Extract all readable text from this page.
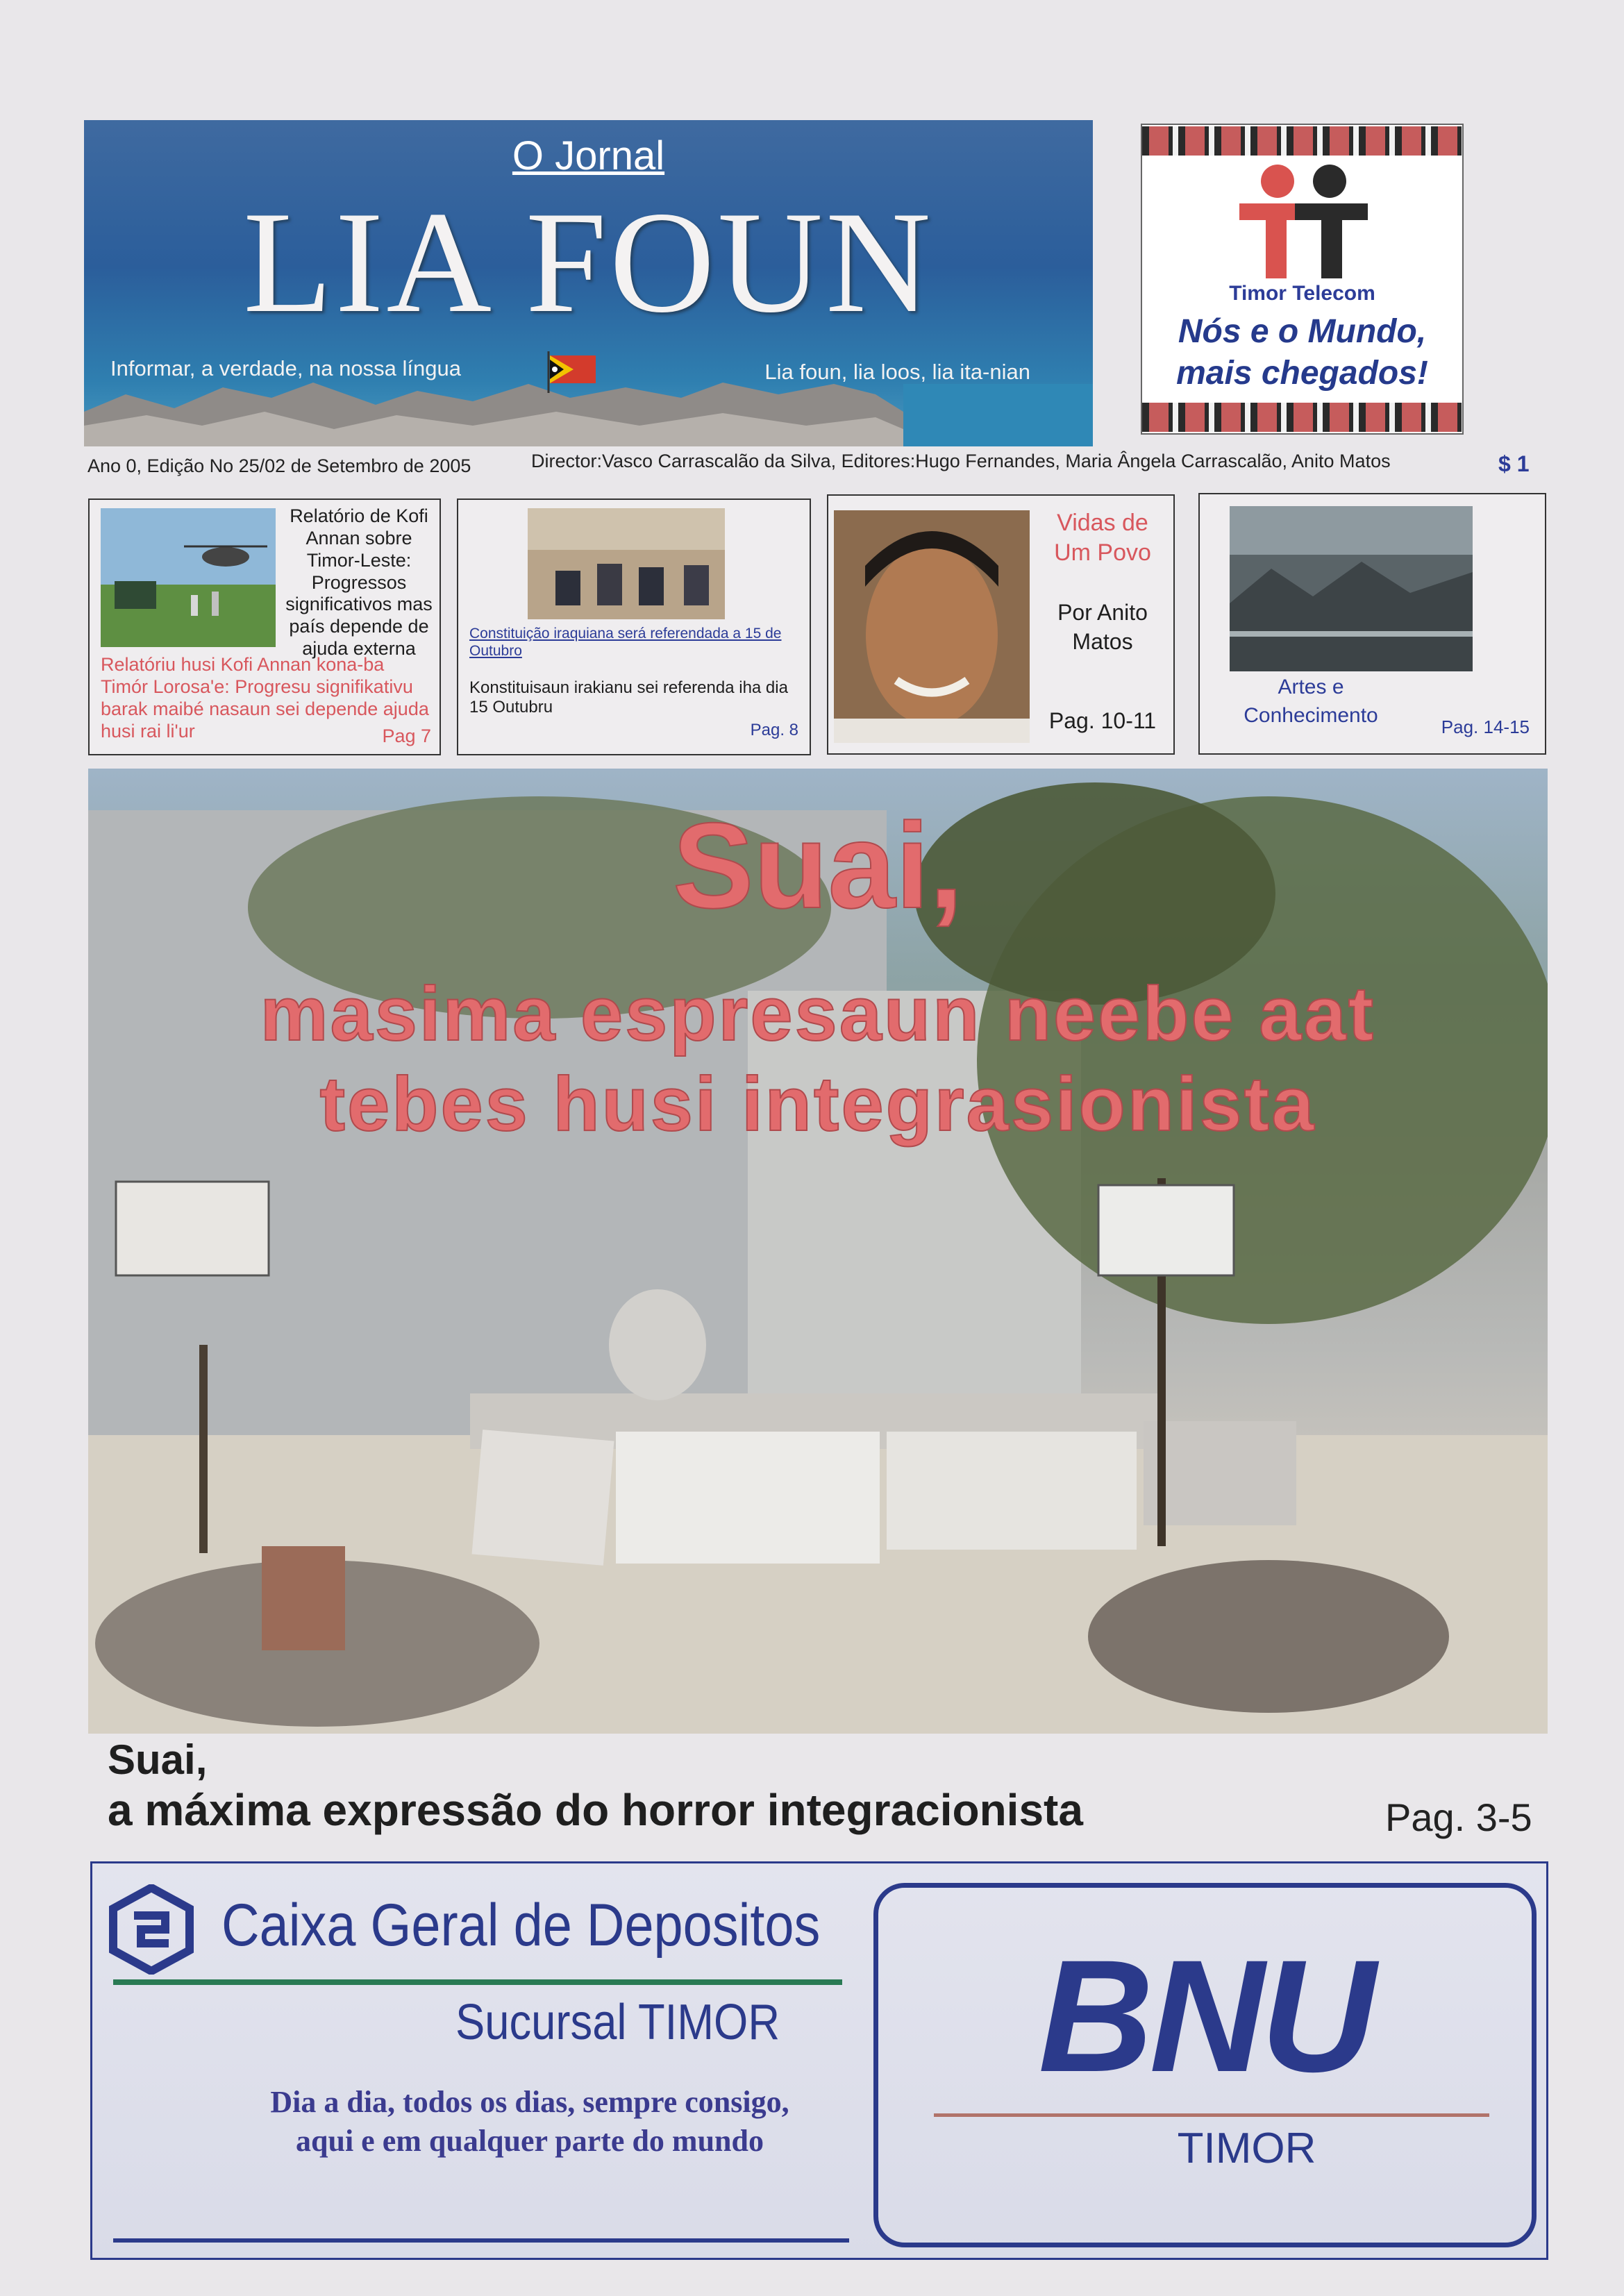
O Jornal
LIA FOUN
Informar, a verdade, na nossa língua	Lia foun, lia loos, lia ita-nian
Timor Telecom
Nós e o Mundo,
mais chegados!
Ano 0, Edição No 25/02 de Setembro de 2005	Director:Vasco Carrascalão da Silva, Editores:Hugo Fernandes, Maria Ângela Carrascalão, Anito Matos	$ 1
Relatório de Kofi Annan sobre Timor-Leste: Progressos significativos mas país depende de ajuda externa
Relatóriu husi Kofi Annan kona-ba Timór Lorosa'e: Progresu signifikativu barak maibé nasaun sei depende ajuda husi rai li'ur	Pag 7
Constituição iraquiana será referendada a 15 de Outubro
Konstituisaun irakianu sei referenda iha dia 15 Outubru
Pag. 8
Vidas de Um Povo
Por Anito Matos
Pag. 10-11
Artes e Conhecimento
Pag. 14-15
Suai,
masima espresaun neebe aat
tebes husi integrasionista
Suai,
a máxima expressão do horror integracionista	Pag. 3-5
Caixa Geral de Depositos
Sucursal TIMOR
Dia a dia, todos os dias, sempre consigo,
aqui e em qualquer parte do mundo
BNU
TIMOR
